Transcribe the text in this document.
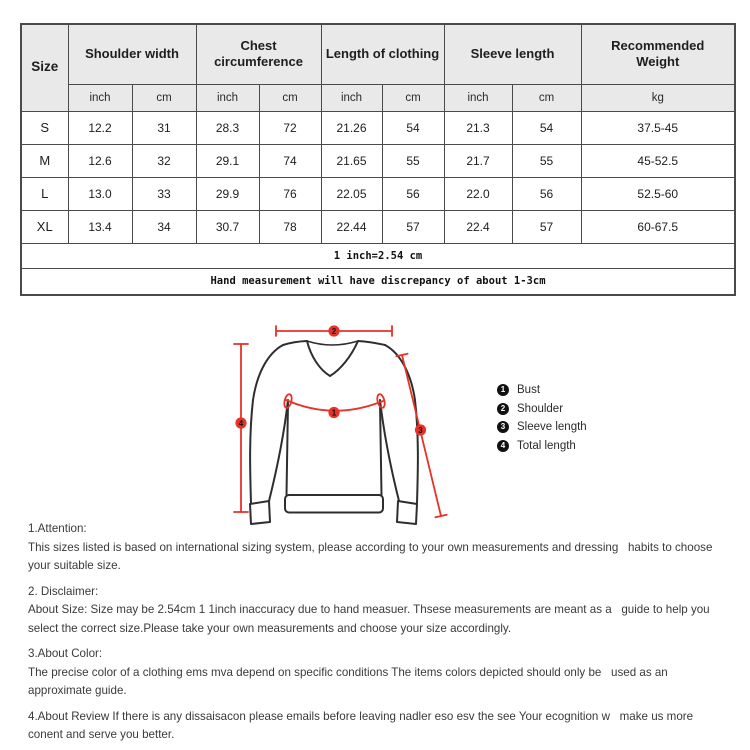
Size	Shoulder width		Chest circumference		Length of clothing		Sleeve length		Recommended Weight
	inch	cm	inch	cm	inch	cm	inch	cm	kg
S	12.2	31	28.3	72	21.26	54	21.3	54	37.5-45
M	12.6	32	29.1	74	21.65	55	21.7	55	45-52.5
L	13.0	33	29.9	76	22.05	56	22.0	56	52.5-60
XL	13.4	34	30.7	78	22.44	57	22.4	57	60-67.5
1 inch=2.54 cm									
Hand measurement will have discrepancy of about 1-3cm									
2
4
1
3
1	Bust
2	Shoulder
3	Sleeve length
4	Total length
1.Attention:
This sizes listed is based on international sizing system, please according to your own measurements and dressing   habits to choose your suitable size.
2. Disclaimer:
About Size: Size may be 2.54cm 1 1inch inaccuracy due to hand measuer. Thsese measurements are meant as a   guide to help you select the correct size.Please take your own measurements and choose your size accordingly.
3.About Color:
The precise color of a clothing ems mva depend on specific conditions The items colors depicted should only be   used as an approximate guide.
4.About Review If there is any dissaisacon please emails before leaving nadler eso esv the see Your ecognition w   make us more conent and serve you better.
